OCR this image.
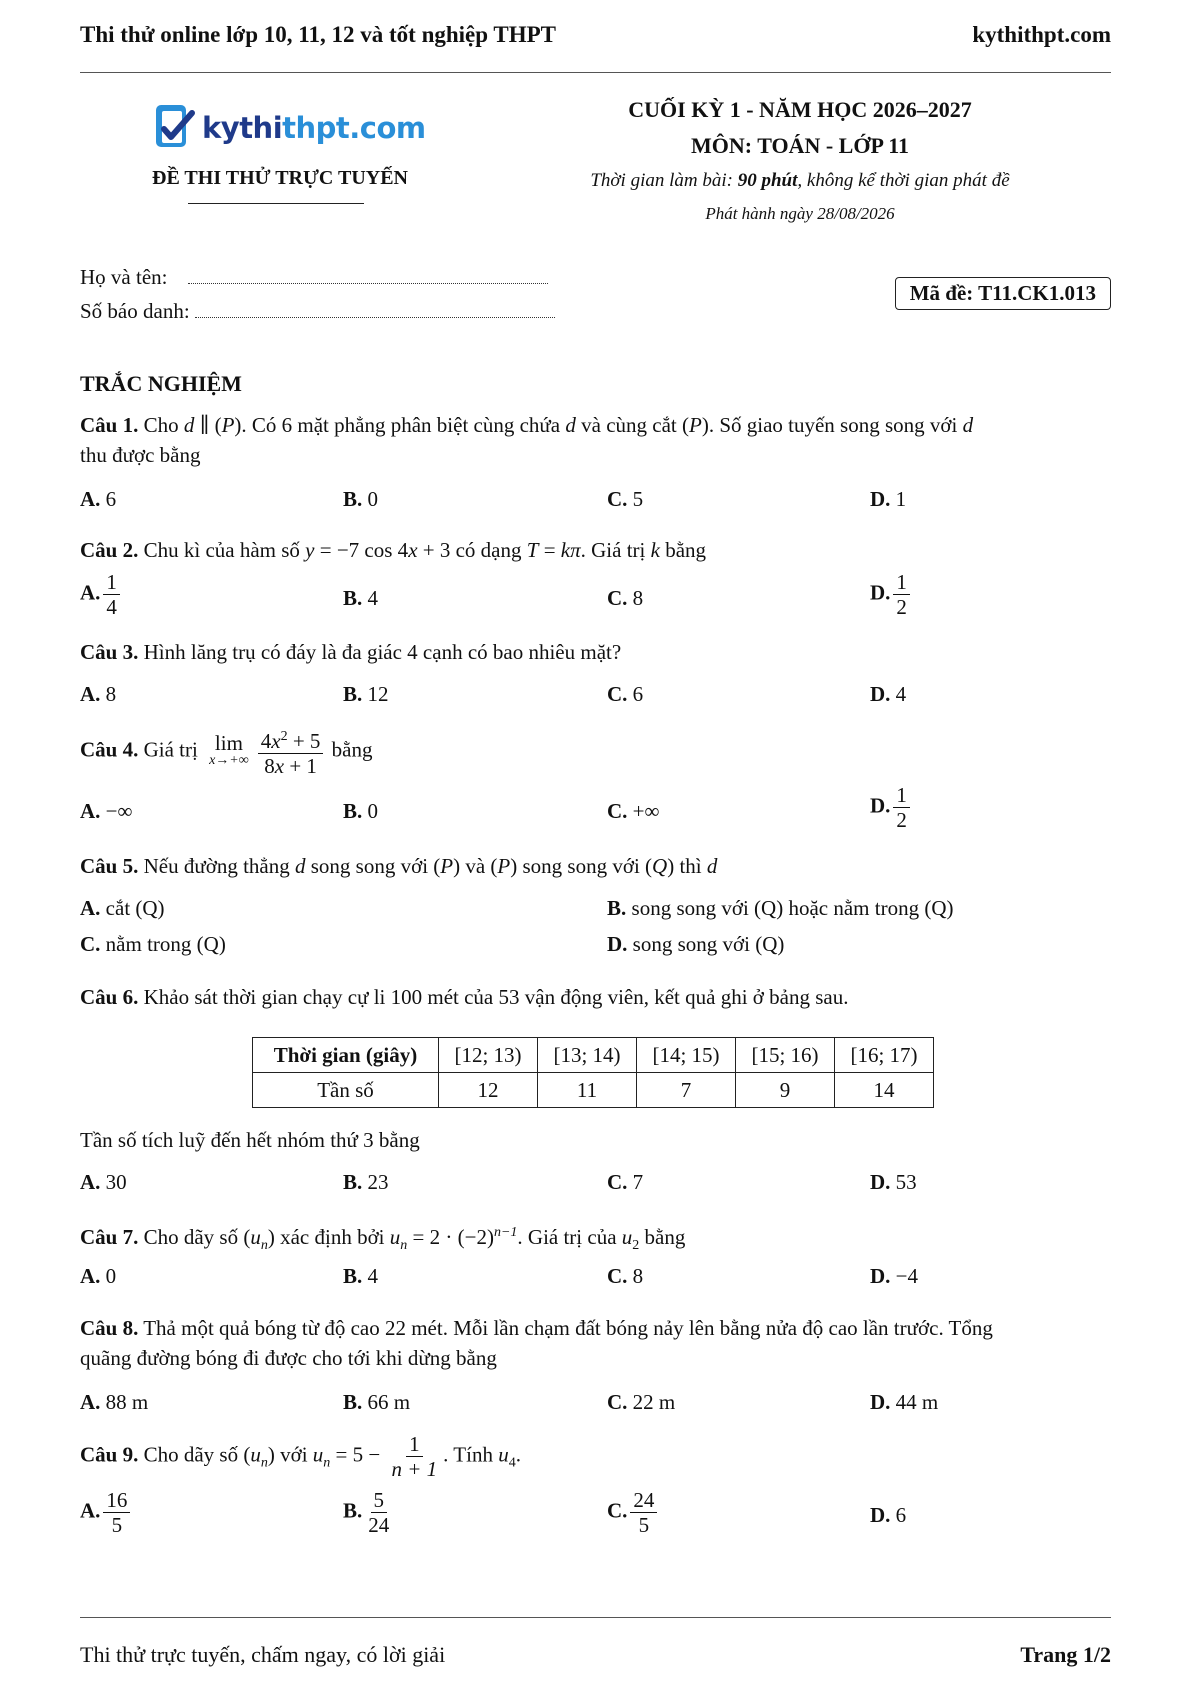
Thi thử online lớp 10, 11, 12 và tốt nghiệp THPT	kythithpt.com
kythithpt.com
ĐỀ THI THỬ TRỰC TUYẾN
CUỐI KỲ 1 - NĂM HỌC 2026–2027
MÔN: TOÁN - LỚP 11
Thời gian làm bài: 90 phút, không kể thời gian phát đề
Phát hành ngày 28/08/2026
Họ và tên:
Số báo danh:
Mã đề: T11.CK1.013
TRẮC NGHIỆM
Câu 1. Cho d ∥ (P). Có 6 mặt phẳng phân biệt cùng chứa d và cùng cắt (P). Số giao tuyến song song với d
thu được bằng
A. 6	B. 0	C. 5	D. 1
Câu 2. Chu kì của hàm số y = −7 cos 4x + 3 có dạng T = kπ. Giá trị k bằng
A. $\frac{1}{4}$	B. 4	C. 8	D. $\frac{1}{2}$
Câu 3. Hình lăng trụ có đáy là đa giác 4 cạnh có bao nhiêu mặt?
A. 8	B. 12	C. 6	D. 4
Câu 4. Giá trị lim
$x\to+\infty \frac{4x^2 + 5}{8x + 1}$ bằng
A. −∞	B. 0	C. +∞	D. $\frac{1}{2}$
Câu 5. Nếu đường thẳng d song song với (P) và (P) song song với (Q) thì d
A. cắt (Q)	B. song song với (Q) hoặc nằm trong (Q)
C. nằm trong (Q)	D. song song với (Q)
Câu 6. Khảo sát thời gian chạy cự li 100 mét của 53 vận động viên, kết quả ghi ở bảng sau.
Thời gian (giây)	[12; 13)	[13; 14)	[14; 15)	[15; 16)	[16; 17)
Tần số	12	11	7	9	14
Tần số tích luỹ đến hết nhóm thứ 3 bằng
A. 30	B. 23	C. 7	D. 53
Câu 7. Cho dãy số $(u_n)$ xác định bởi $u_n = 2 \cdot (-2)^{n-1}$. Giá trị của $u_2$ bằng
A. 0	B. 4	C. 8	D. −4
Câu 8. Thả một quả bóng từ độ cao 22 mét. Mỗi lần chạm đất bóng nảy lên bằng nửa độ cao lần trước. Tổng
quãng đường bóng đi được cho tới khi dừng bằng
A. 88 m	B. 66 m	C. 22 m	D. 44 m
Câu 9. Cho dãy số $(u_n)$ với $u_n = 5 - \frac{1}{n + 1}$ . Tính $u_4$.
A. $\frac{16}{5}$	B. $\frac{5}{24}$	C. $\frac{24}{5}$	D. 6
Thi thử trực tuyến, chấm ngay, có lời giải	Trang 1/2
